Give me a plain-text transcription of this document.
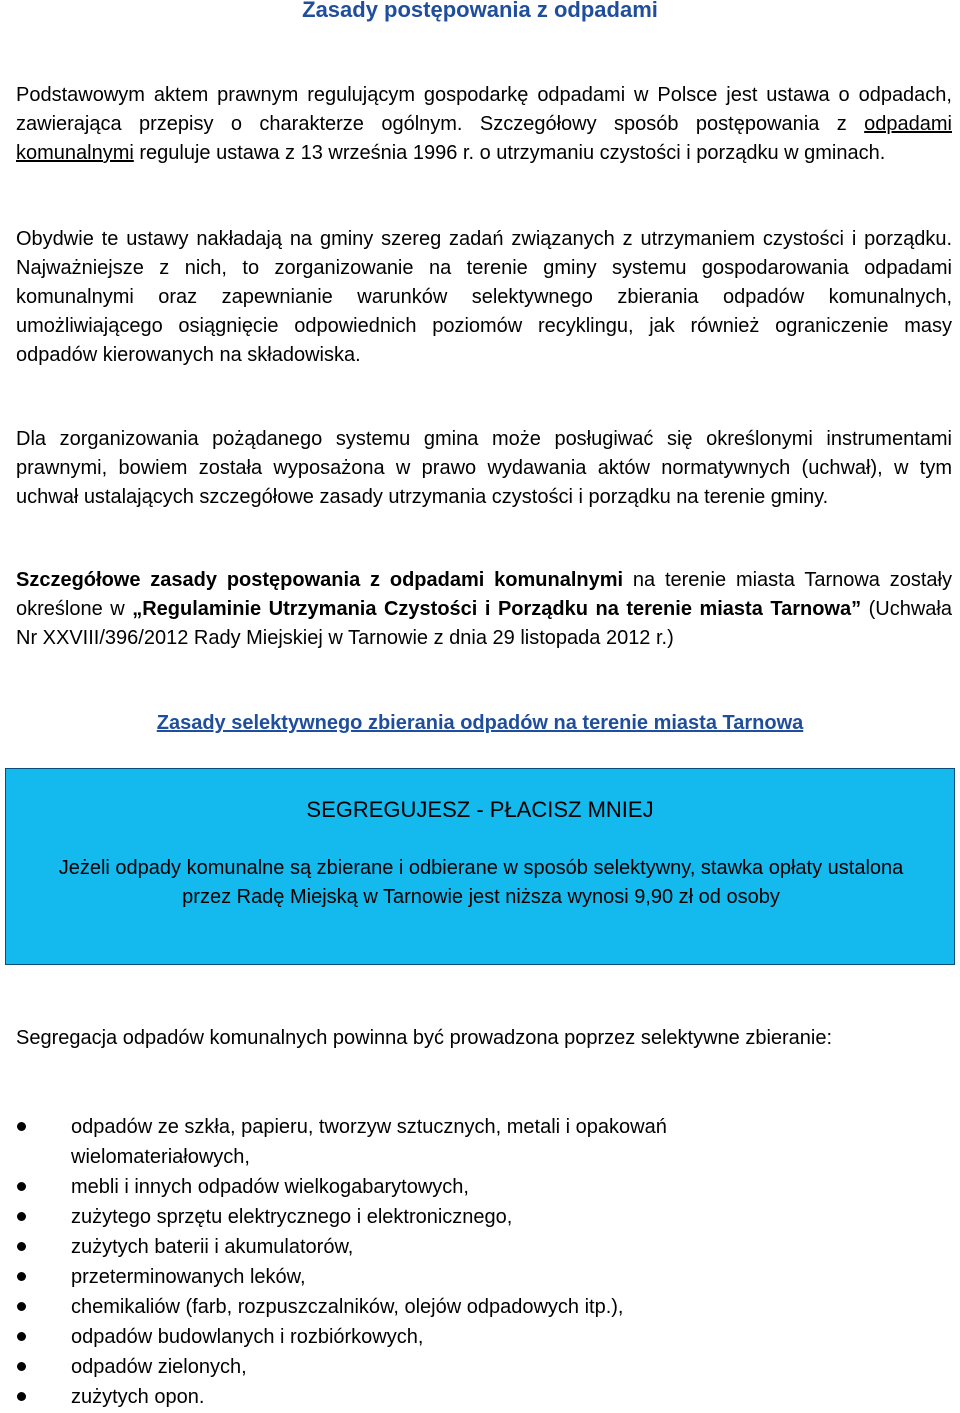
Zasady postępowania z odpadami
Podstawowym aktem prawnym regulującym gospodarkę odpadami w Polsce jest ustawa o odpadach, zawierająca przepisy o charakterze ogólnym. Szczegółowy sposób postępowania z odpadami komunalnymi reguluje ustawa z 13 września 1996 r. o utrzymaniu czystości i porządku w gminach.
Obydwie te ustawy nakładają na gminy szereg zadań związanych z utrzymaniem czystości i porządku. Najważniejsze z nich, to zorganizowanie na terenie gminy systemu gospodarowania odpadami komunalnymi oraz zapewnianie warunków selektywnego zbierania odpadów komunalnych, umożliwiającego osiągnięcie odpowiednich poziomów recyklingu, jak również ograniczenie masy odpadów kierowanych na składowiska.
Dla zorganizowania pożądanego systemu gmina może posługiwać się określonymi instrumentami prawnymi, bowiem została wyposażona w prawo wydawania aktów normatywnych (uchwał), w tym uchwał ustalających szczegółowe zasady utrzymania czystości i porządku na terenie gminy.
Szczegółowe zasady postępowania z odpadami komunalnymi na terenie miasta Tarnowa zostały określone w „Regulaminie Utrzymania Czystości i Porządku na terenie miasta Tarnowa” (Uchwała Nr XXVIII/396/2012 Rady Miejskiej w Tarnowie z dnia 29 listopada 2012 r.)
Zasady selektywnego zbierania odpadów na terenie miasta Tarnowa
SEGREGUJESZ - PŁACISZ MNIEJ
Jeżeli odpady komunalne są zbierane i odbierane w sposób selektywny, stawka opłaty ustalona przez Radę Miejską w Tarnowie jest niższa wynosi 9,90 zł od osoby
Segregacja odpadów komunalnych powinna być prowadzona poprzez selektywne zbieranie:
odpadów ze szkła, papieru, tworzyw sztucznych, metali i opakowań wielomateriałowych,
mebli i innych odpadów wielkogabarytowych,
zużytego sprzętu elektrycznego i elektronicznego,
zużytych baterii i akumulatorów,
przeterminowanych leków,
chemikaliów (farb, rozpuszczalników, olejów odpadowych itp.),
odpadów budowlanych i rozbiórkowych,
odpadów zielonych,
zużytych opon.
